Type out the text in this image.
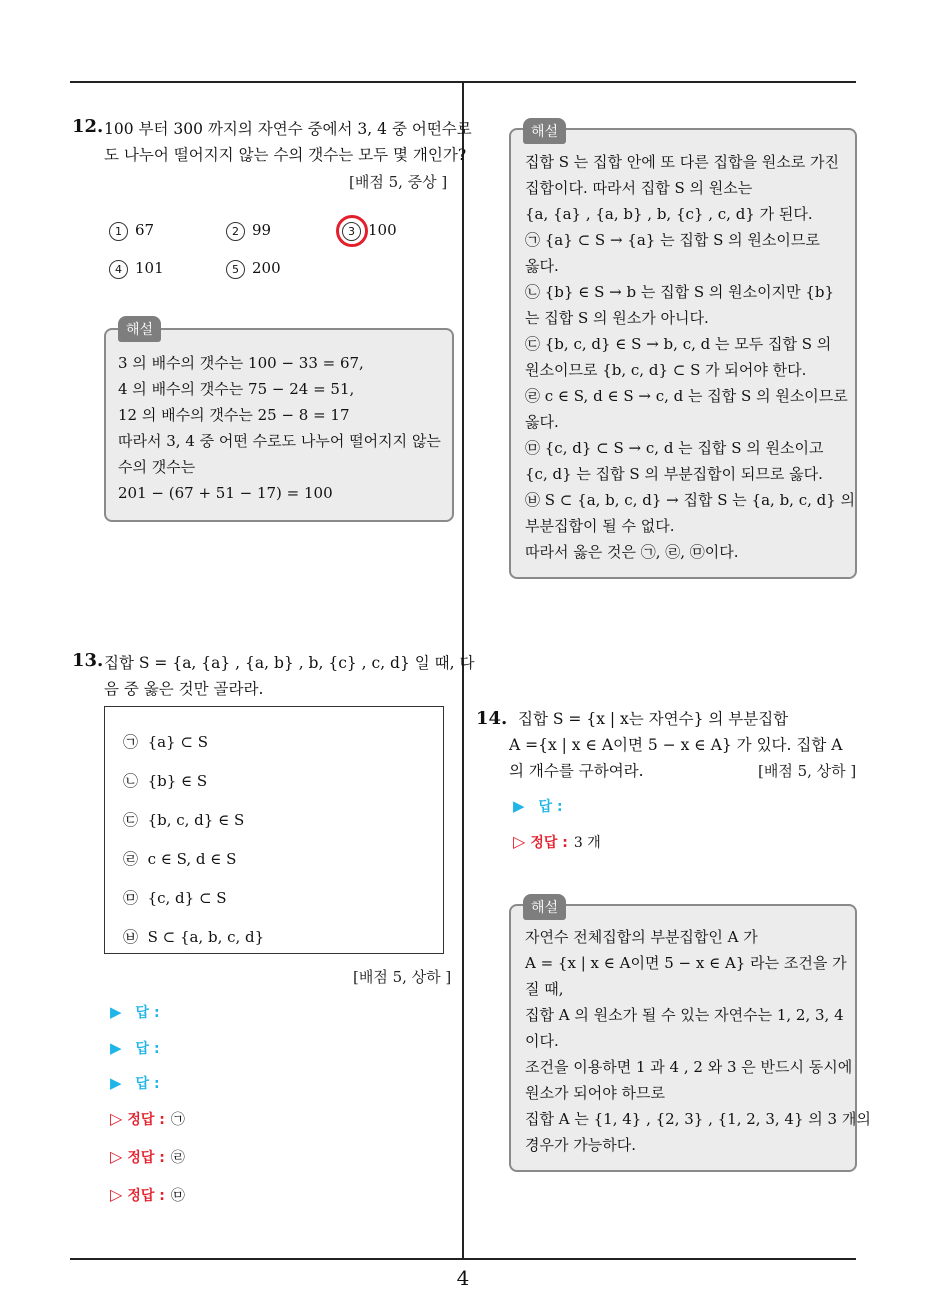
4
12. 100 부터 300 까지의 자연수 중에서 3, 4 중 어떤수로
도 나누어 떨어지지 않는 수의 갯수는 모두 몇 개인가?
[배점 5, 중상 ]
1 67	2 99	3 100
4 101	5 200
해설
3 의 배수의 갯수는 100 − 33 = 67,
4 의 배수의 갯수는 75 − 24 = 51,
12 의 배수의 갯수는 25 − 8 = 17
따라서 3, 4 중 어떤 수로도 나누어 떨어지지 않는
수의 갯수는
201 − (67 + 51 − 17) = 100
13. 집합 S = {a, {a} , {a, b} , b, {c} , c, d} 일 때, 다
음 중 옳은 것만 골라라.
㉠ {a} ⊂ S
㉡ {b} ∈ S
㉢ {b, c, d} ∈ S
㉣ c ∈ S, d ∈ S
㉤ {c, d} ⊂ S
㉥ S ⊂ {a, b, c, d}
[배점 5, 상하 ]
▶ 답 :
▶ 답 :
▶ 답 :
▷ 정답 : ㉠
▷ 정답 : ㉣
▷ 정답 : ㉤
해설
집합 S 는 집합 안에 또 다른 집합을 원소로 가진
집합이다. 따라서 집합 S 의 원소는
{a, {a} , {a, b} , b, {c} , c, d} 가 된다.
㉠ {a} ⊂ S → {a} 는 집합 S 의 원소이므로
옳다.
㉡ {b} ∈ S → b 는 집합 S 의 원소이지만 {b}
는 집합 S 의 원소가 아니다.
㉢ {b, c, d} ∈ S → b, c, d 는 모두 집합 S 의
원소이므로 {b, c, d} ⊂ S 가 되어야 한다.
㉣ c ∈ S, d ∈ S → c, d 는 집합 S 의 원소이므로
옳다.
㉤ {c, d} ⊂ S → c, d 는 집합 S 의 원소이고
{c, d} 는 집합 S 의 부분집합이 되므로 옳다.
㉥ S ⊂ {a, b, c, d} → 집합 S 는 {a, b, c, d} 의
부분집합이 될 수 없다.
따라서 옳은 것은 ㉠, ㉣, ㉤이다.
14. 집합 S = {x | x는 자연수} 의 부분집합
A ={x | x ∈ A이면 5 − x ∈ A} 가 있다. 집합 A
의 개수를 구하여라.	[배점 5, 상하 ]
▶ 답 :
▷ 정답 : 3 개
해설
자연수 전체집합의 부분집합인 A 가
A = {x | x ∈ A이면 5 − x ∈ A} 라는 조건을 가
질 때,
집합 A 의 원소가 될 수 있는 자연수는 1, 2, 3, 4
이다.
조건을 이용하면 1 과 4 , 2 와 3 은 반드시 동시에
원소가 되어야 하므로
집합 A 는 {1, 4} , {2, 3} , {1, 2, 3, 4} 의 3 개의
경우가 가능하다.
